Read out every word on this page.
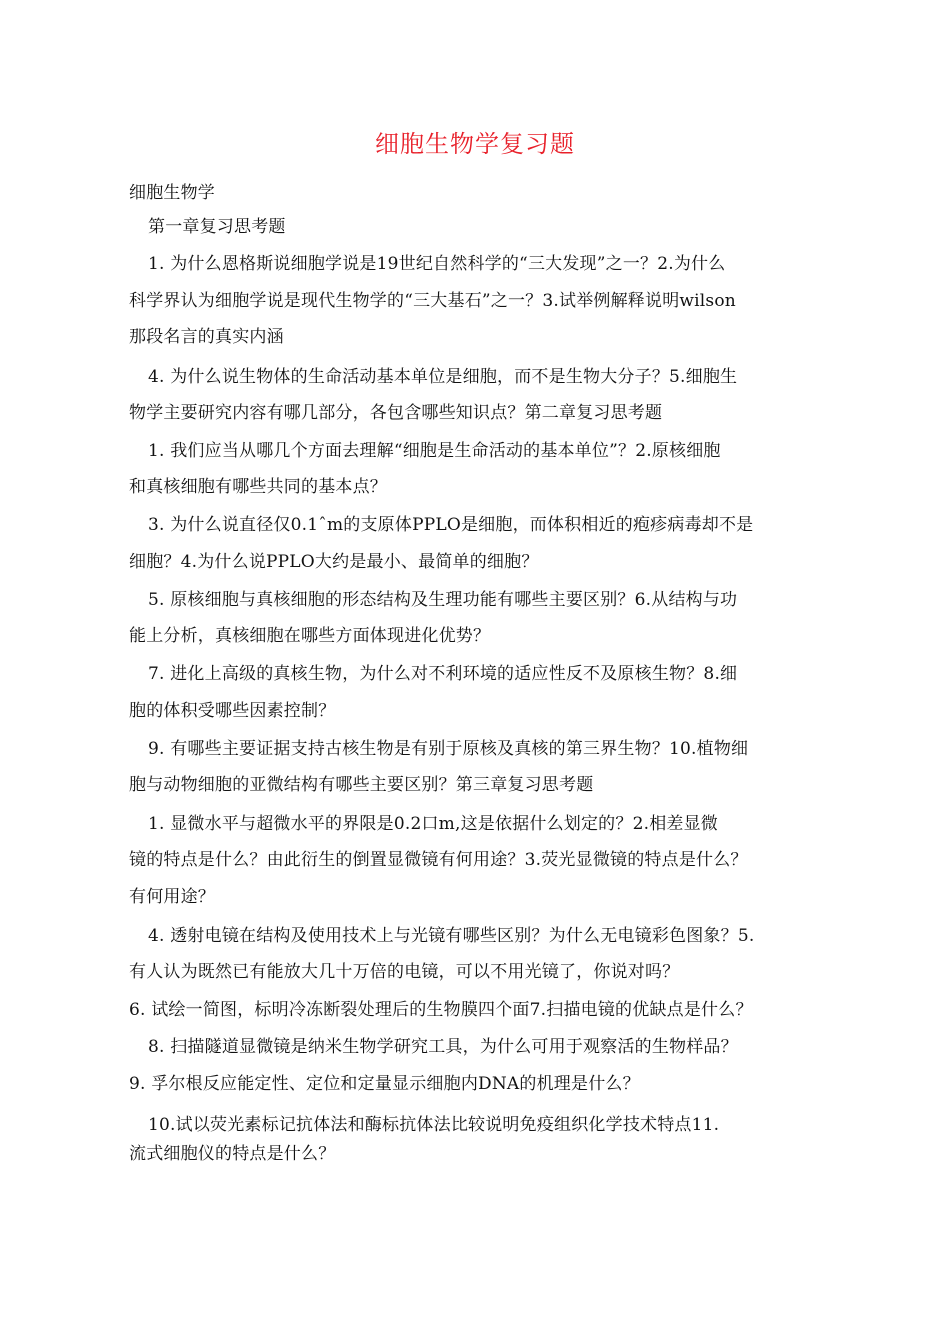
细胞生物学复习题
细胞生物学
第一章复习思考题
1. 为什么恩格斯说细胞学说是19世纪自然科学的“三大发现”之一？2.为什么
科学界认为细胞学说是现代生物学的“三大基石”之一？3.试举例解释说明wilson
那段名言的真实内涵
4. 为什么说生物体的生命活动基本单位是细胞，而不是生物大分子？5.细胞生
物学主要研究内容有哪几部分，各包含哪些知识点？第二章复习思考题
1. 我们应当从哪几个方面去理解“细胞是生命活动的基本单位”？2.原核细胞
和真核细胞有哪些共同的基本点？
3. 为什么说直径仅0.1ˆm的支原体PPLO是细胞，而体积相近的疱疹病毒却不是
细胞？4.为什么说PPLO大约是最小、最简单的细胞？
5. 原核细胞与真核细胞的形态结构及生理功能有哪些主要区别？6.从结构与功
能上分析，真核细胞在哪些方面体现进化优势？
7. 进化上高级的真核生物，为什么对不利环境的适应性反不及原核生物？8.细
胞的体积受哪些因素控制？
9. 有哪些主要证据支持古核生物是有别于原核及真核的第三界生物？10.植物细
胞与动物细胞的亚微结构有哪些主要区别？第三章复习思考题
1. 显微水平与超微水平的界限是0.2口m,这是依据什么划定的？2.相差显微
镜的特点是什么？由此衍生的倒置显微镜有何用途？3.荧光显微镜的特点是什么？
有何用途？
4. 透射电镜在结构及使用技术上与光镜有哪些区别？为什么无电镜彩色图象？5.
有人认为既然已有能放大几十万倍的电镜，可以不用光镜了，你说对吗？
6. 试绘一简图，标明冷冻断裂处理后的生物膜四个面7.扫描电镜的优缺点是什么？
8. 扫描隧道显微镜是纳米生物学研究工具，为什么可用于观察活的生物样品？
9. 孚尔根反应能定性、定位和定量显示细胞内DNA的机理是什么？
10.试以荧光素标记抗体法和酶标抗体法比较说明免疫组织化学技术特点11.
流式细胞仪的特点是什么？
